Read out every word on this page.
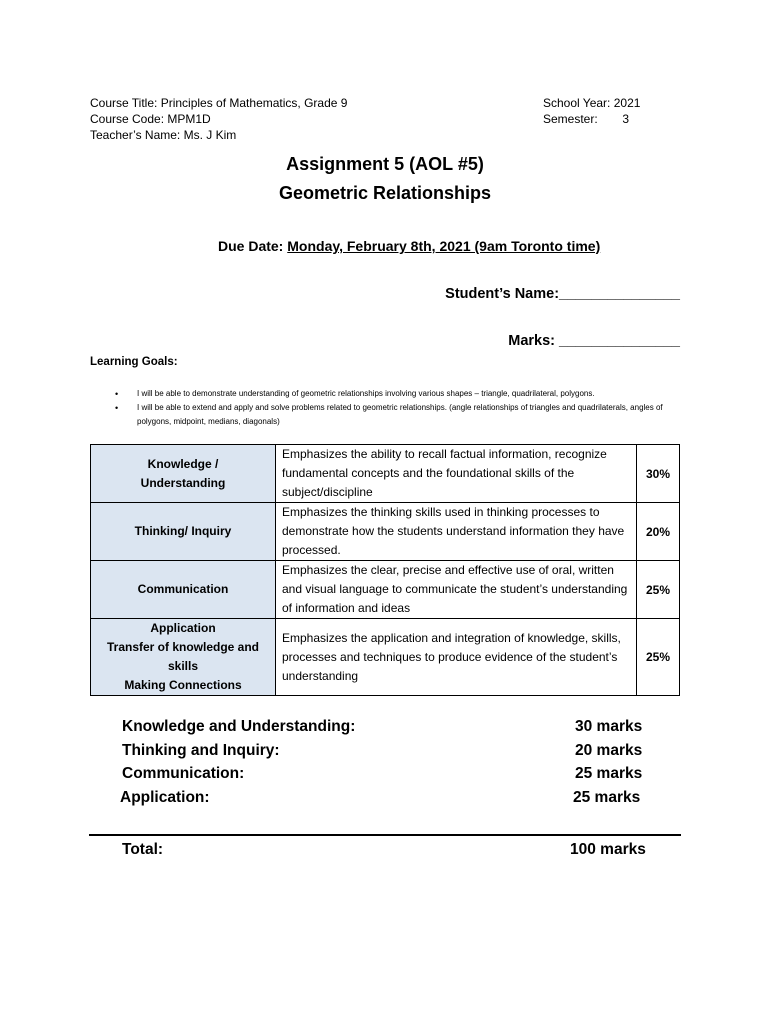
Course Title: Principles of Mathematics, Grade 9
Course Code: MPM1D
Teacher’s Name: Ms. J Kim
School Year: 2021
Semester: 3
Assignment 5 (AOL #5)
Geometric Relationships
Due Date: Monday, February 8th, 2021 (9am Toronto time)
Student’s Name:_______________
Marks: _______________
Learning Goals:
• I will be able to demonstrate understanding of geometric relationships involving various shapes – triangle, quadrilateral, polygons.
• I will be able to extend and apply and solve problems related to geometric relationships. (angle relationships of triangles and quadrilaterals, angles of polygons, midpoint, medians, diagonals)
Knowledge /
Understanding	Emphasizes the ability to recall factual information, recognize fundamental concepts and the foundational skills of the subject/discipline	30%

Thinking/ Inquiry	Emphasizes the thinking skills used in thinking processes to demonstrate how the students understand information they have processed.	20%

Communication	Emphasizes the clear, precise and effective use of oral, written and visual language to communicate the student’s understanding of information and ideas	25%

Application
Transfer of knowledge and
skills
Making Connections	Emphasizes the application and integration of knowledge, skills, processes and techniques to produce evidence of the student’s understanding	25%
Knowledge and Understanding:	30 marks
Thinking and Inquiry:	20 marks
Communication:	25 marks
Application:	25 marks
Total:	100 marks
